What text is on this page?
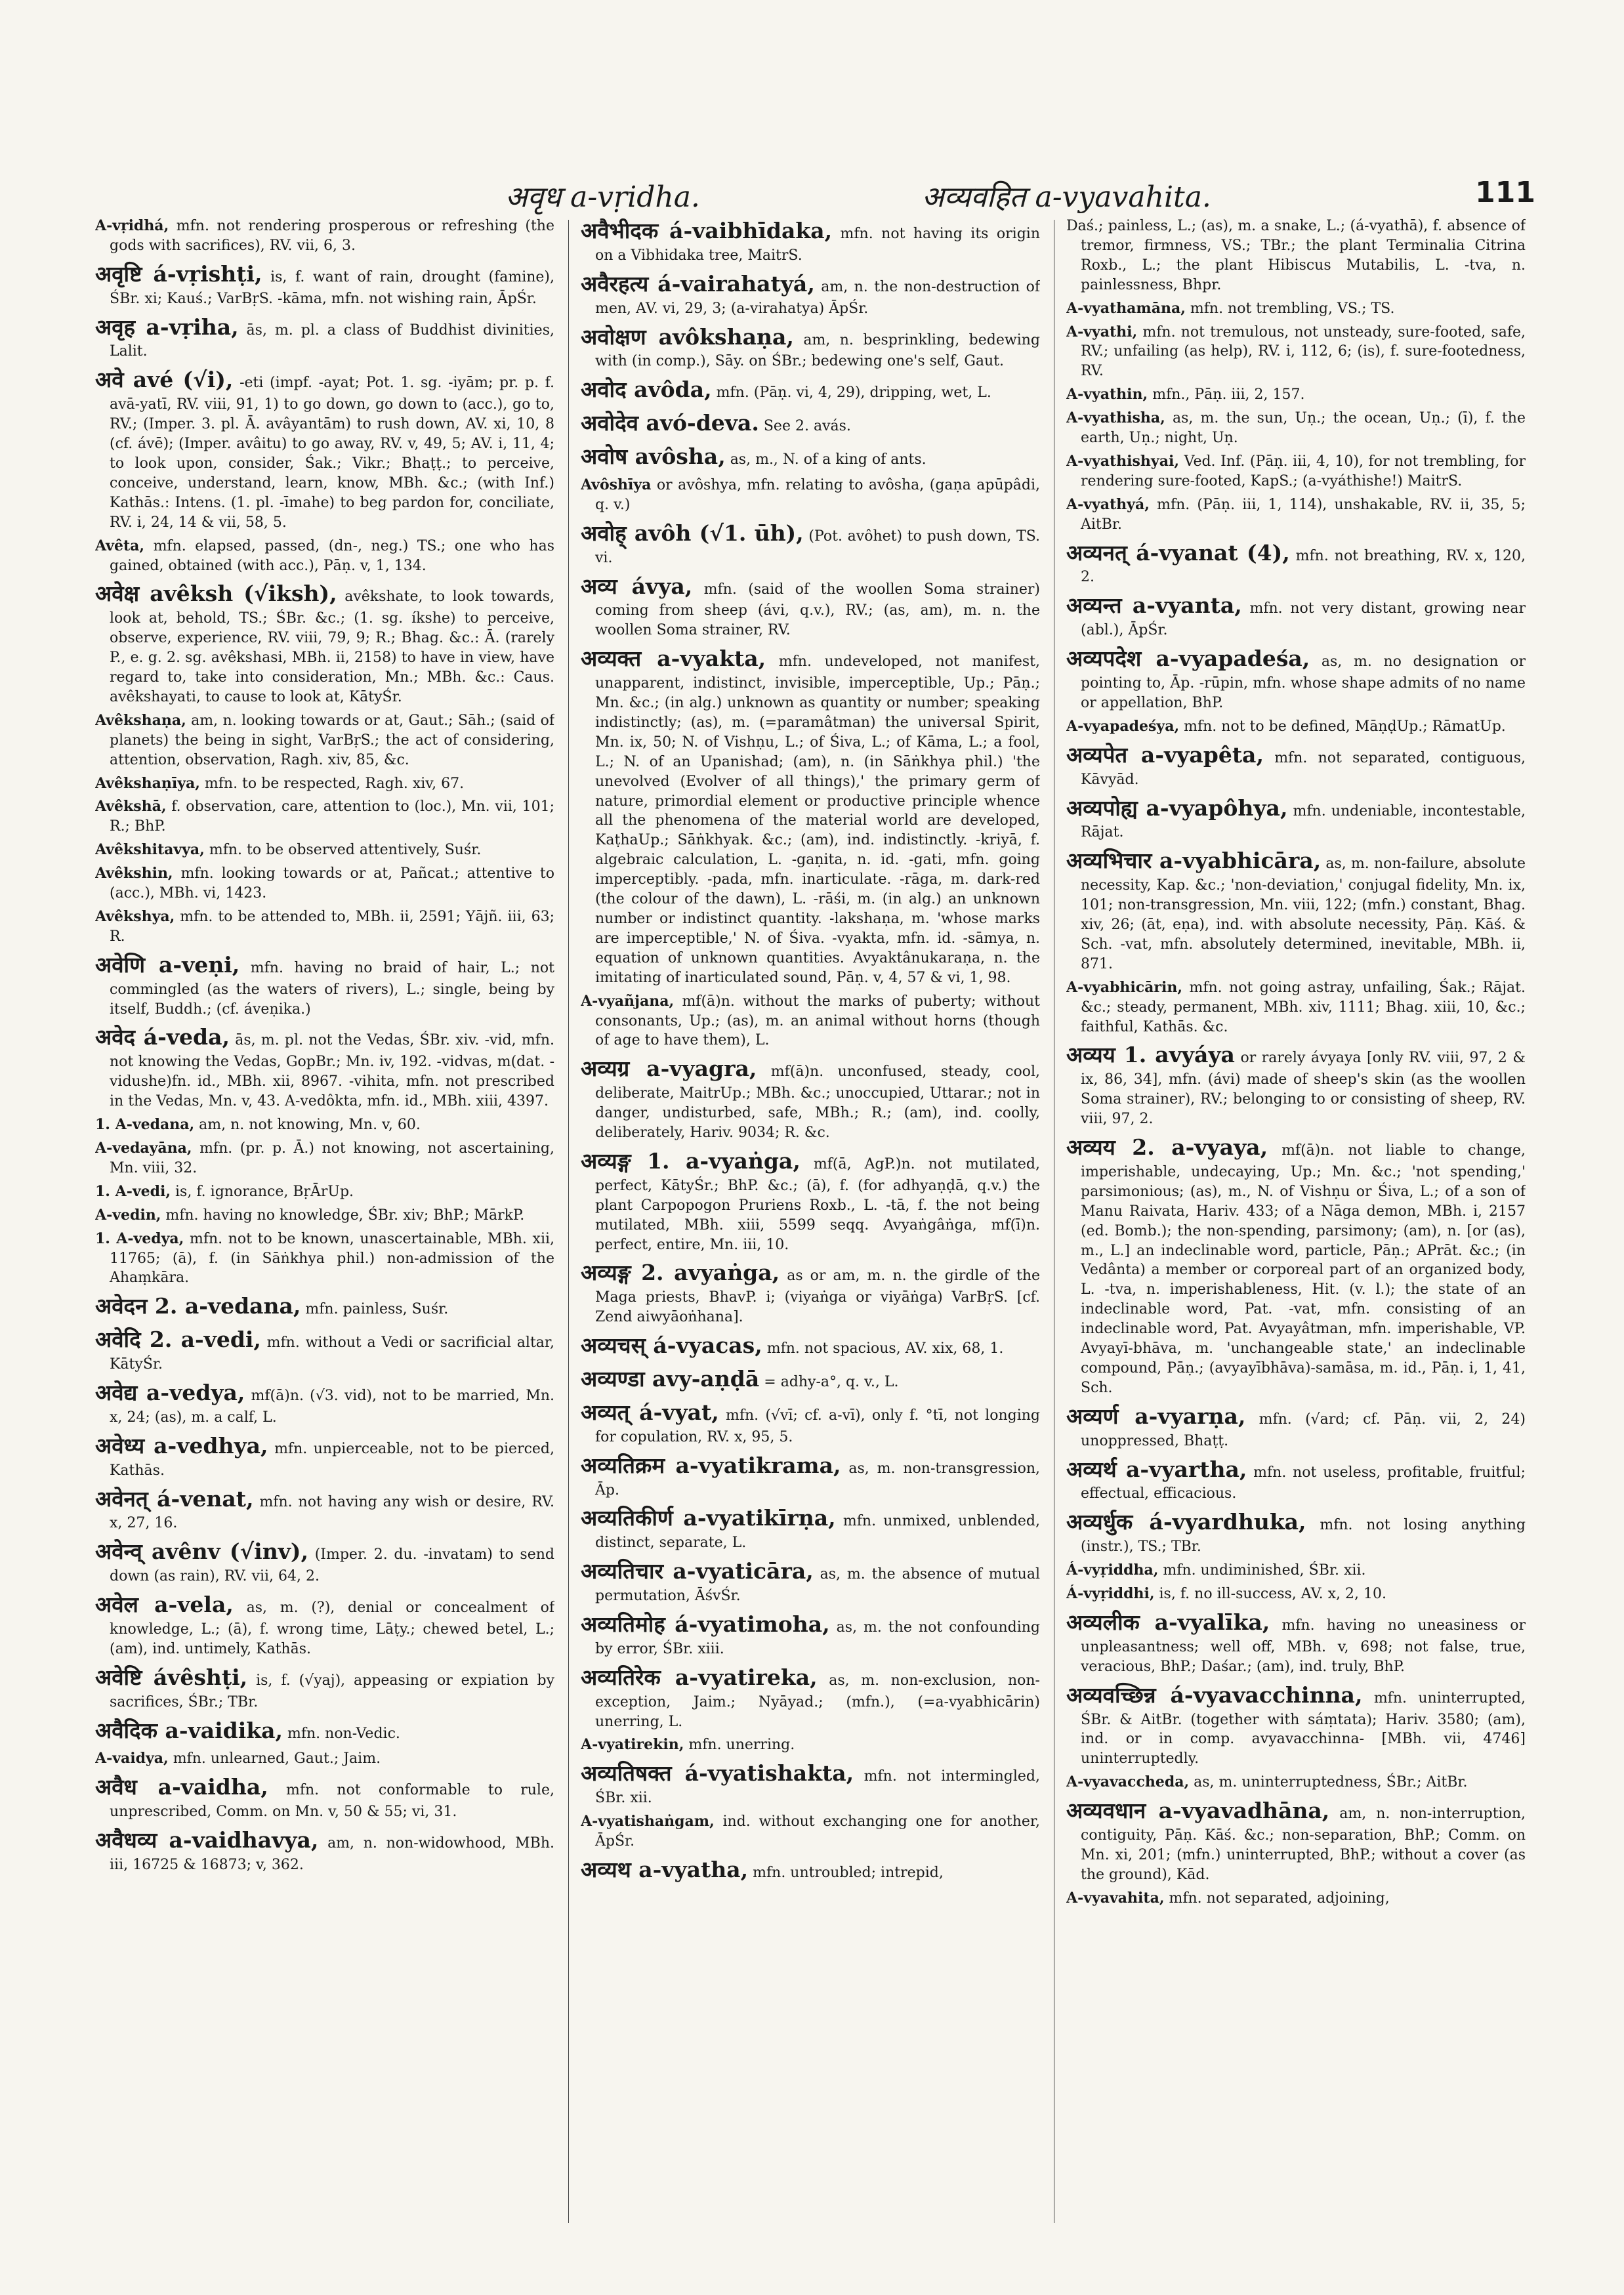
अवृध a-vṛidha.	अव्यवहित a-vyavahita.	111

A-vṛidhá, mfn. not rendering prosperous or refreshing (the gods with sacrifices), RV. vii, 6, 3.

अवृष्टि á-vṛishṭi, is, f. want of rain, drought (famine), ŚBr. xi; Kauś.; VarBṛS. -kāma, mfn. not wishing rain, ĀpŚr.

अवृह a-vṛiha, ās, m. pl. a class of Buddhist divinities, Lalit.

अवे avé (√i), -eti (impf. -ayat; Pot. 1. sg. -iyām; pr. p. f. avā-yatī, RV. viii, 91, 1) to go down, go down to (acc.), go to, RV.; (Imper. 3. pl. Ā. avâyantām) to rush down, AV. xi, 10, 8 (cf. ávē); (Imper. avâitu) to go away, RV. v, 49, 5; AV. i, 11, 4; to look upon, consider, Śak.; Vikr.; Bhaṭṭ.; to perceive, conceive, understand, learn, know, MBh. &c.; (with Inf.) Kathās.: Intens. (1. pl. -īmahe) to beg pardon for, conciliate, RV. i, 24, 14 & vii, 58, 5.

Avêta, mfn. elapsed, passed, (dn-, neg.) TS.; one who has gained, obtained (with acc.), Pāṇ. v, 1, 134.

अवेक्ष avêksh (√iksh), avêkshate, to look towards, look at, behold, TS.; ŚBr. &c.; (1. sg. íkshe) to perceive, observe, experience, RV. viii, 79, 9; R.; Bhag. &c.: Ā. (rarely P., e. g. 2. sg. avêkshasi, MBh. ii, 2158) to have in view, have regard to, take into consideration, Mn.; MBh. &c.: Caus. avêkshayati, to cause to look at, KātyŚr.

Avêkshaṇa, am, n. looking towards or at, Gaut.; Sāh.; (said of planets) the being in sight, VarBṛS.; the act of considering, attention, observation, Ragh. xiv, 85, &c.

Avêkshaṇīya, mfn. to be respected, Ragh. xiv, 67.

Avêkshā, f. observation, care, attention to (loc.), Mn. vii, 101; R.; BhP.

Avêkshitavya, mfn. to be observed attentively, Suśr.

Avêkshin, mfn. looking towards or at, Pañcat.; attentive to (acc.), MBh. vi, 1423.

Avêkshya, mfn. to be attended to, MBh. ii, 2591; Yājñ. iii, 63; R.

अवेणि a-veṇi, mfn. having no braid of hair, L.; not commingled (as the waters of rivers), L.; single, being by itself, Buddh.; (cf. áveṇika.)

अवेद á-veda, ās, m. pl. not the Vedas, ŚBr. xiv. -vid, mfn. not knowing the Vedas, GopBr.; Mn. iv, 192. -vidvas, m(dat. -vidushe)fn. id., MBh. xii, 8967. -vihita, mfn. not prescribed in the Vedas, Mn. v, 43. A-vedôkta, mfn. id., MBh. xiii, 4397.

1. A-vedana, am, n. not knowing, Mn. v, 60.

A-vedayāna, mfn. (pr. p. Ā.) not knowing, not ascertaining, Mn. viii, 32.

1. A-vedi, is, f. ignorance, BṛĀrUp.

A-vedin, mfn. having no knowledge, ŚBr. xiv; BhP.; MārkP.

1. A-vedya, mfn. not to be known, unascertainable, MBh. xii, 11765; (ā), f. (in Sāṅkhya phil.) non-admission of the Ahaṃkāra.

अवेदन 2. a-vedana, mfn. painless, Suśr.

अवेदि 2. a-vedi, mfn. without a Vedi or sacrificial altar, KātyŚr.

अवेद्य a-vedya, mf(ā)n. (√3. vid), not to be married, Mn. x, 24; (as), m. a calf, L.

अवेध्य a-vedhya, mfn. unpierceable, not to be pierced, Kathās.

अवेनत् á-venat, mfn. not having any wish or desire, RV. x, 27, 16.

अवेन्व् avênv (√inv), (Imper. 2. du. -invatam) to send down (as rain), RV. vii, 64, 2.

अवेल a-vela, as, m. (?), denial or concealment of knowledge, L.; (ā), f. wrong time, Lāṭy.; chewed betel, L.; (am), ind. untimely, Kathās.

अवेष्टि ávêshṭi, is, f. (√yaj), appeasing or expiation by sacrifices, ŚBr.; TBr.

अवैदिक a-vaidika, mfn. non-Vedic.

A-vaidya, mfn. unlearned, Gaut.; Jaim.

अवैध a-vaidha, mfn. not conformable to rule, unprescribed, Comm. on Mn. v, 50 & 55; vi, 31.

अवैधव्य a-vaidhavya, am, n. non-widowhood, MBh. iii, 16725 & 16873; v, 362.

अवैभीदक á-vaibhīdaka, mfn. not having its origin on a Vibhidaka tree, MaitrS.

अवैरहत्य á-vairahatyá, am, n. the non-destruction of men, AV. vi, 29, 3; (a-virahatya) ĀpŚr.

अवोक्षण avôkshaṇa, am, n. besprinkling, bedewing with (in comp.), Sāy. on ŚBr.; bedewing one's self, Gaut.

अवोद avôda, mfn. (Pāṇ. vi, 4, 29), dripping, wet, L.

अवोदेव avó-deva. See 2. avás.

अवोष avôsha, as, m., N. of a king of ants.

Avôshīya or avôshya, mfn. relating to avôsha, (gaṇa apūpâdi, q. v.)

अवोह् avôh (√1. ūh), (Pot. avôhet) to push down, TS. vi.

अव्य ávya, mfn. (said of the woollen Soma strainer) coming from sheep (ávi, q.v.), RV.; (as, am), m. n. the woollen Soma strainer, RV.

अव्यक्त a-vyakta, mfn. undeveloped, not manifest, unapparent, indistinct, invisible, imperceptible, Up.; Pāṇ.; Mn. &c.; (in alg.) unknown as quantity or number; speaking indistinctly; (as), m. (=paramâtman) the universal Spirit, Mn. ix, 50; N. of Vishṇu, L.; of Śiva, L.; of Kāma, L.; a fool, L.; N. of an Upanishad; (am), n. (in Sāṅkhya phil.) 'the unevolved (Evolver of all things),' the primary germ of nature, primordial element or productive principle whence all the phenomena of the material world are developed, KaṭhaUp.; Sāṅkhyak. &c.; (am), ind. indistinctly. -kriyā, f. algebraic calculation, L. -gaṇita, n. id. -gati, mfn. going imperceptibly. -pada, mfn. inarticulate. -rāga, m. dark-red (the colour of the dawn), L. -rāśi, m. (in alg.) an unknown number or indistinct quantity. -lakshaṇa, m. 'whose marks are imperceptible,' N. of Śiva. -vyakta, mfn. id. -sāmya, n. equation of unknown quantities. Avyaktânukaraṇa, n. the imitating of inarticulated sound, Pāṇ. v, 4, 57 & vi, 1, 98.

A-vyañjana, mf(ā)n. without the marks of puberty; without consonants, Up.; (as), m. an animal without horns (though of age to have them), L.

अव्यग्र a-vyagra, mf(ā)n. unconfused, steady, cool, deliberate, MaitrUp.; MBh. &c.; unoccupied, Uttarar.; not in danger, undisturbed, safe, MBh.; R.; (am), ind. coolly, deliberately, Hariv. 9034; R. &c.

अव्यङ्ग 1. a-vyaṅga, mf(ā, AgP.)n. not mutilated, perfect, KātyŚr.; BhP. &c.; (ā), f. (for adhyaṇḍā, q.v.) the plant Carpopogon Pruriens Roxb., L. -tā, f. the not being mutilated, MBh. xiii, 5599 seqq. Avyaṅgâṅga, mf(ī)n. perfect, entire, Mn. iii, 10.

अव्यङ्ग 2. avyaṅga, as or am, m. n. the girdle of the Maga priests, BhavP. i; (viyaṅga or viyāṅga) VarBṛS. [cf. Zend aiwyāoṅhana].

अव्यचस् á-vyacas, mfn. not spacious, AV. xix, 68, 1.

अव्यण्डा avy-aṇḍā = adhy-a°, q. v., L.

अव्यत् á-vyat, mfn. (√vī; cf. a-vī), only f. °tī, not longing for copulation, RV. x, 95, 5.

अव्यतिक्रम a-vyatikrama, as, m. non-transgression, Āp.

अव्यतिकीर्ण a-vyatikīrṇa, mfn. unmixed, unblended, distinct, separate, L.

अव्यतिचार a-vyaticāra, as, m. the absence of mutual permutation, ĀśvŚr.

अव्यतिमोह á-vyatimoha, as, m. the not confounding by error, ŚBr. xiii.

अव्यतिरेक a-vyatireka, as, m. non-exclusion, non-exception, Jaim.; Nyāyad.; (mfn.), (=a-vyabhicārin) unerring, L.

A-vyatirekin, mfn. unerring.

अव्यतिषक्त á-vyatishakta, mfn. not intermingled, ŚBr. xii.

A-vyatishaṅgam, ind. without exchanging one for another, ĀpŚr.

अव्यथ a-vyatha, mfn. untroubled; intrepid,

Daś.; painless, L.; (as), m. a snake, L.; (á-vyathā), f. absence of tremor, firmness, VS.; TBr.; the plant Terminalia Citrina Roxb., L.; the plant Hibiscus Mutabilis, L. -tva, n. painlessness, Bhpr.

A-vyathamāna, mfn. not trembling, VS.; TS.

A-vyathi, mfn. not tremulous, not unsteady, sure-footed, safe, RV.; unfailing (as help), RV. i, 112, 6; (is), f. sure-footedness, RV.

A-vyathin, mfn., Pāṇ. iii, 2, 157.

A-vyathisha, as, m. the sun, Uṇ.; the ocean, Uṇ.; (ī), f. the earth, Uṇ.; night, Uṇ.

A-vyathishyai, Ved. Inf. (Pāṇ. iii, 4, 10), for not trembling, for rendering sure-footed, KapS.; (a-vyáthishe!) MaitrS.

A-vyathyá, mfn. (Pāṇ. iii, 1, 114), unshakable, RV. ii, 35, 5; AitBr.

अव्यनत् á-vyanat (4), mfn. not breathing, RV. x, 120, 2.

अव्यन्त a-vyanta, mfn. not very distant, growing near (abl.), ĀpŚr.

अव्यपदेश a-vyapadeśa, as, m. no designation or pointing to, Āp. -rūpin, mfn. whose shape admits of no name or appellation, BhP.

A-vyapadeśya, mfn. not to be defined, MāṇḍUp.; RāmatUp.

अव्यपेत a-vyapêta, mfn. not separated, contiguous, Kāvyād.

अव्यपोह्य a-vyapôhya, mfn. undeniable, incontestable, Rājat.

अव्यभिचार a-vyabhicāra, as, m. non-failure, absolute necessity, Kap. &c.; 'non-deviation,' conjugal fidelity, Mn. ix, 101; non-transgression, Mn. viii, 122; (mfn.) constant, Bhag. xiv, 26; (āt, eṇa), ind. with absolute necessity, Pāṇ. Kāś. & Sch. -vat, mfn. absolutely determined, inevitable, MBh. ii, 871.

A-vyabhicārin, mfn. not going astray, unfailing, Śak.; Rājat. &c.; steady, permanent, MBh. xiv, 1111; Bhag. xiii, 10, &c.; faithful, Kathās. &c.

अव्यय 1. avyáya or rarely ávyaya [only RV. viii, 97, 2 & ix, 86, 34], mfn. (ávi) made of sheep's skin (as the woollen Soma strainer), RV.; belonging to or consisting of sheep, RV. viii, 97, 2.

अव्यय 2. a-vyaya, mf(ā)n. not liable to change, imperishable, undecaying, Up.; Mn. &c.; 'not spending,' parsimonious; (as), m., N. of Vishṇu or Śiva, L.; of a son of Manu Raivata, Hariv. 433; of a Nāga demon, MBh. i, 2157 (ed. Bomb.); the non-spending, parsimony; (am), n. [or (as), m., L.] an indeclinable word, particle, Pāṇ.; APrāt. &c.; (in Vedânta) a member or corporeal part of an organized body, L. -tva, n. imperishableness, Hit. (v. l.); the state of an indeclinable word, Pat. -vat, mfn. consisting of an indeclinable word, Pat. Avyayâtman, mfn. imperishable, VP. Avyayī-bhāva, m. 'unchangeable state,' an indeclinable compound, Pāṇ.; (avyayībhāva)-samāsa, m. id., Pāṇ. i, 1, 41, Sch.

अव्यर्ण a-vyarṇa, mfn. (√ard; cf. Pāṇ. vii, 2, 24) unoppressed, Bhaṭṭ.

अव्यर्थ a-vyartha, mfn. not useless, profitable, fruitful; effectual, efficacious.

अव्यर्धुक á-vyardhuka, mfn. not losing anything (instr.), TS.; TBr.

Á-vyṛiddha, mfn. undiminished, ŚBr. xii.

Á-vyṛiddhi, is, f. no ill-success, AV. x, 2, 10.

अव्यलीक a-vyalīka, mfn. having no uneasiness or unpleasantness; well off, MBh. v, 698; not false, true, veracious, BhP.; Daśar.; (am), ind. truly, BhP.

अव्यवच्छिन्न á-vyavacchinna, mfn. uninterrupted, ŚBr. & AitBr. (together with sáṃtata); Hariv. 3580; (am), ind. or in comp. avyavacchinna- [MBh. vii, 4746] uninterruptedly.

A-vyavaccheda, as, m. uninterruptedness, ŚBr.; AitBr.

अव्यवधान a-vyavadhāna, am, n. non-interruption, contiguity, Pāṇ. Kāś. &c.; non-separation, BhP.; Comm. on Mn. xi, 201; (mfn.) uninterrupted, BhP.; without a cover (as the ground), Kād.

A-vyavahita, mfn. not separated, adjoining,
